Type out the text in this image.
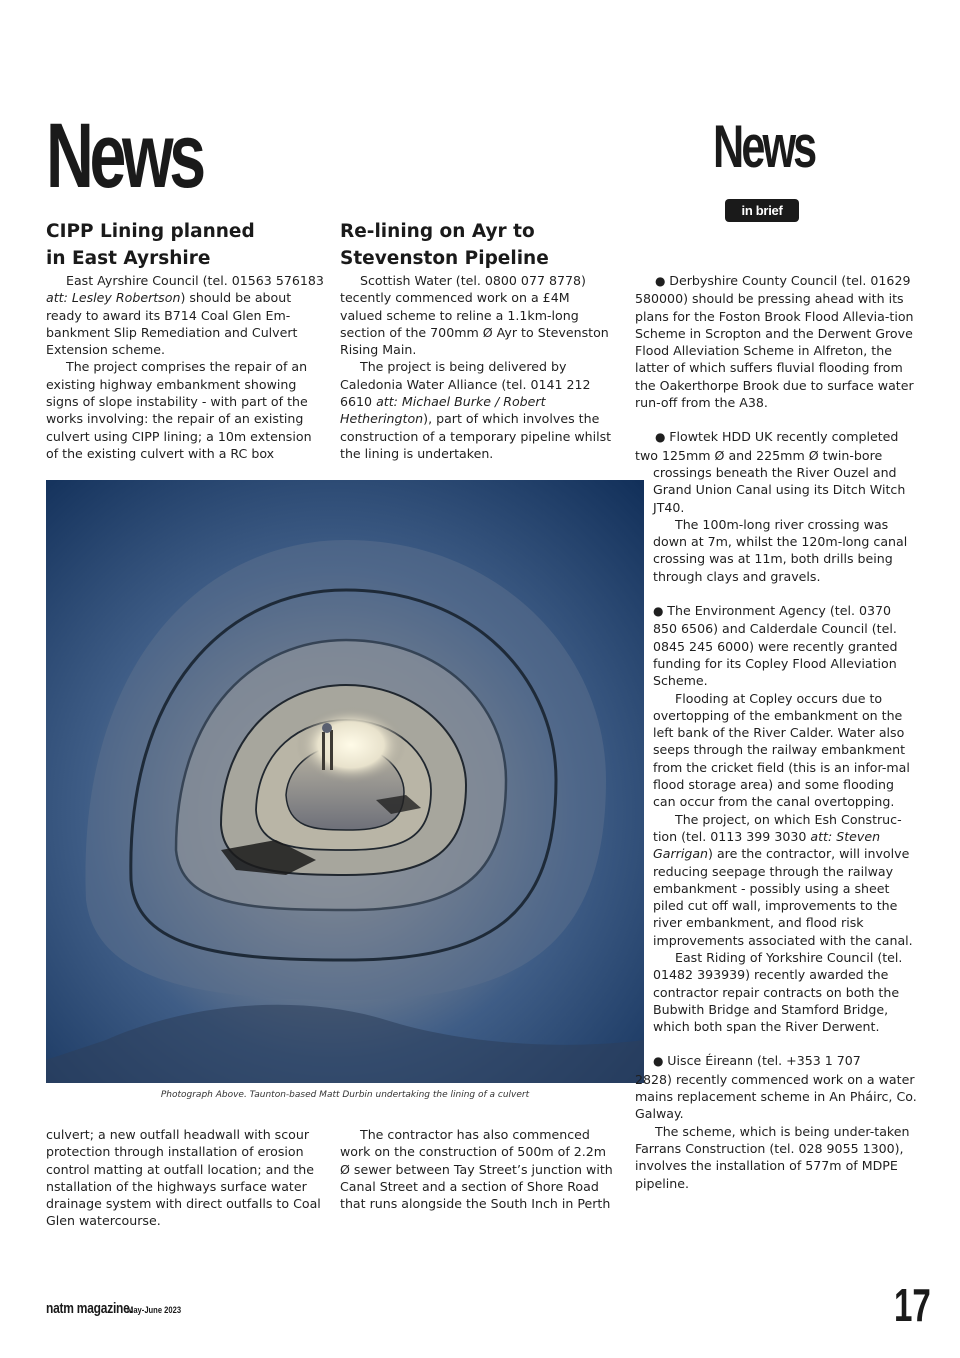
News	News
in brief
CIPP Lining planned
in East Ayrshire
Re-lining on Ayr to
Stevenston Pipeline

East Ayrshire Council (tel. 01563 576183 att: Lesley Robertson) should be about ready to award its B714 Coal Glen Em-bankment Slip Remediation and Culvert Extension scheme.

The project comprises the repair of an existing highway embankment showing signs of slope instability - with part of the works involving: the repair of an existing culvert using CIPP lining; a 10m extension of the existing culvert with a RC box

Scottish Water (tel. 0800 077 8778) tecently commenced work on a £4M valued scheme to reline a 1.1km-long section of the 700mm Ø Ayr to Stevenston Rising Main.

The project is being delivered by Caledonia Water Alliance (tel. 0141 212 6610 att: Michael Burke / Robert Hetherington), part of which involves the construction of a temporary pipeline whilst the lining is undertaken.

Photograph Above. Taunton-based Matt Durbin undertaking the lining of a culvert

culvert; a new outfall headwall with scour protection through installation of erosion control matting at outfall location; and the nstallation of the highways surface water drainage system with direct outfalls to Coal Glen watercourse.

The contractor has also commenced work on the construction of 500m of 2.2m Ø sewer between Tay Street’s junction with Canal Street and a section of Shore Road that runs alongside the South Inch in Perth

● Derbyshire County Council (tel. 01629 580000) should be pressing ahead with its plans for the Foston Brook Flood Allevia-tion Scheme in Scropton and the Derwent Grove Flood Alleviation Scheme in Alfreton, the latter of which suffers fluvial flooding from the Oakerthorpe Brook due to surface water run-off from the A38.

● Flowtek HDD UK recently completed

two 125mm Ø and 225mm Ø twin-bore

crossings beneath the River Ouzel and Grand Union Canal using its Ditch Witch JT40.

The 100m-long river crossing was down at 7m, whilst the 120m-long canal crossing was at 11m, both drills being through clays and gravels.

● The Environment Agency (tel. 0370 850 6506) and Calderdale Council (tel. 0845 245 6000) were recently granted funding for its Copley Flood Alleviation Scheme.

Flooding at Copley occurs due to overtopping of the embankment on the left bank of the River Calder. Water also seeps through the railway embankment from the cricket field (this is an infor-mal flood storage area) and some flooding can occur from the canal overtopping.

The project, on which Esh Construc-tion (tel. 0113 399 3030 att: Steven Garrigan) are the contractor, will involve reducing seepage through the railway embankment - possibly using a sheet piled cut off wall, improvements to the river embankment, and flood risk improvements associated with the canal.

East Riding of Yorkshire Council (tel. 01482 393939) recently awarded the contractor repair contracts on both the Bubwith Bridge and Stamford Bridge, which both span the River Derwent.

● Uisce Éireann (tel. +353 1 707

2828) recently commenced work on a water mains replacement scheme in An Pháirc, Co. Galway.

The scheme, which is being under-taken Farrans Construction (tel. 028 9055 1300), involves the installation of 577m of MDPE pipeline.

natm magazine.
May-June 2023	17
